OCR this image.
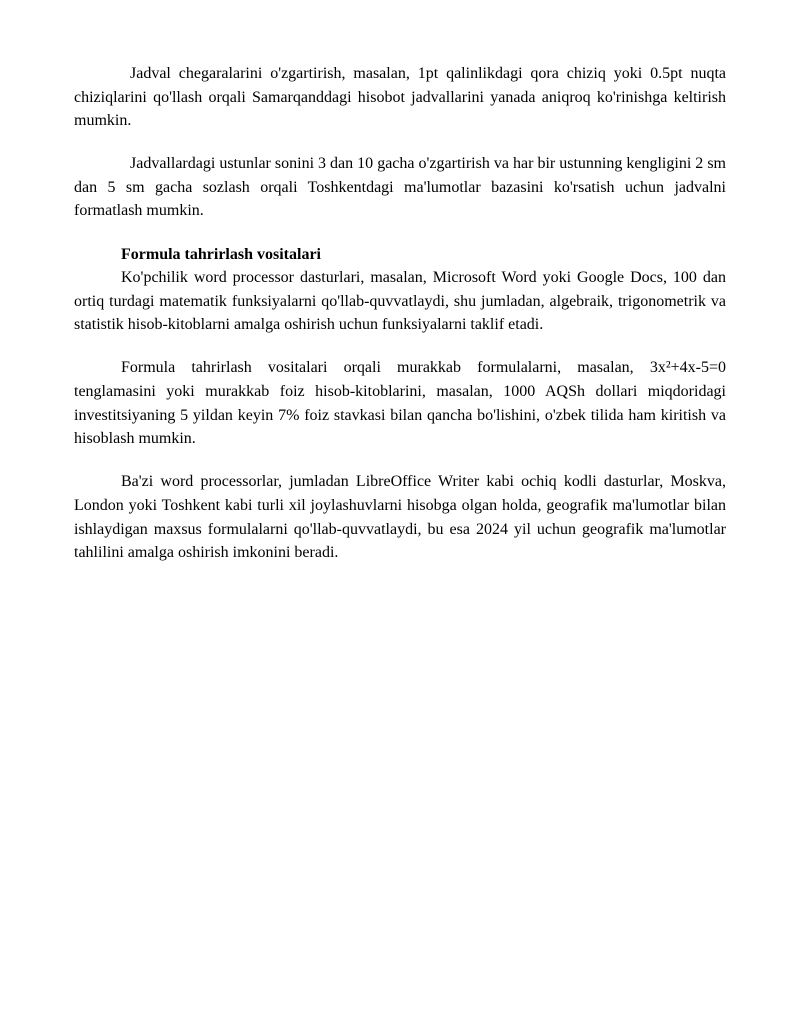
Jadval chegaralarini o'zgartirish, masalan, 1pt qalinlikdagi qora chiziq yoki 0.5pt nuqta chiziqlarini qo'llash orqali Samarqanddagi hisobot jadvallarini yanada aniqroq ko'rinishga keltirish mumkin.

Jadvallardagi ustunlar sonini 3 dan 10 gacha o'zgartirish va har bir ustunning kengligini 2 sm dan 5 sm gacha sozlash orqali Toshkentdagi ma'lumotlar bazasini ko'rsatish uchun jadvalni formatlash mumkin.

Formula tahrirlash vositalari

Ko'pchilik word processor dasturlari, masalan, Microsoft Word yoki Google Docs, 100 dan ortiq turdagi matematik funksiyalarni qo'llab-quvvatlaydi, shu jumladan, algebraik, trigonometrik va statistik hisob-kitoblarni amalga oshirish uchun funksiyalarni taklif etadi.

Formula tahrirlash vositalari orqali murakkab formulalarni, masalan, 3x²+4x-5=0 tenglamasini yoki murakkab foiz hisob-kitoblarini, masalan, 1000 AQSh dollari miqdoridagi investitsiyaning 5 yildan keyin 7% foiz stavkasi bilan qancha bo'lishini, o'zbek tilida ham kiritish va hisoblash mumkin.

Ba'zi word processorlar, jumladan LibreOffice Writer kabi ochiq kodli dasturlar, Moskva, London yoki Toshkent kabi turli xil joylashuvlarni hisobga olgan holda, geografik ma'lumotlar bilan ishlaydigan maxsus formulalarni qo'llab-quvvatlaydi, bu esa 2024 yil uchun geografik ma'lumotlar tahlilini amalga oshirish imkonini beradi.
